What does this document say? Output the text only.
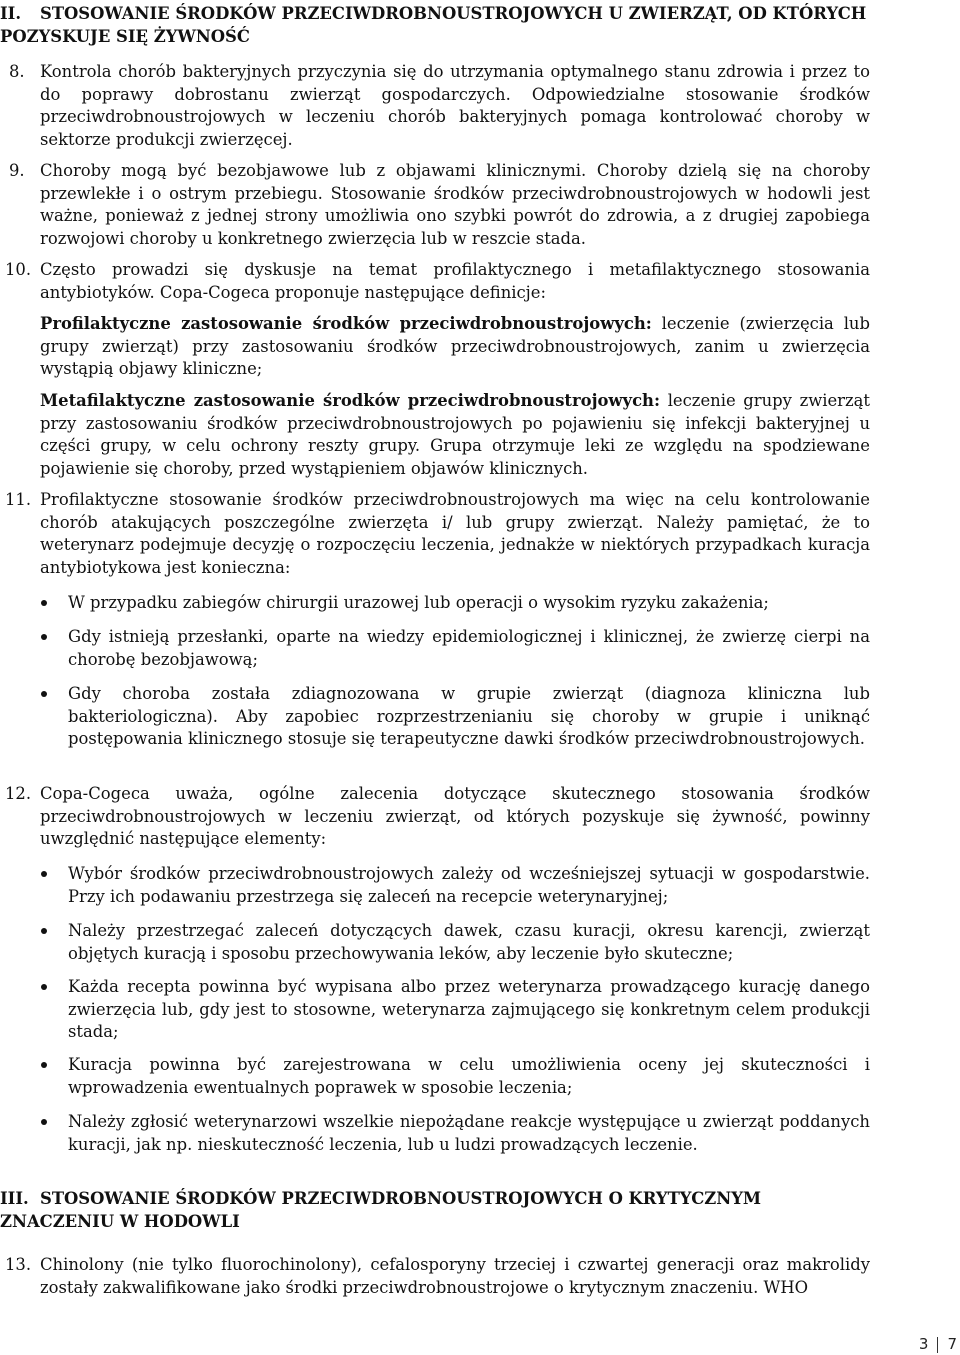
II. STOSOWANIE ŚRODKÓW PRZECIWDROBNOUSTROJOWYCH U ZWIERZĄT, OD KTÓRYCH POZYSKUJE SIĘ ŻYWNOŚĆ
8. Kontrola chorób bakteryjnych przyczynia się do utrzymania optymalnego stanu zdrowia i przez to do poprawy dobrostanu zwierząt gospodarczych. Odpowiedzialne stosowanie środków przeciwdrobnoustrojowych w leczeniu chorób bakteryjnych pomaga kontrolować choroby w sektorze produkcji zwierzęcej.

9. Choroby mogą być bezobjawowe lub z objawami klinicznymi. Choroby dzielą się na choroby przewlekłe i o ostrym przebiegu. Stosowanie środków przeciwdrobnoustrojowych w hodowli jest ważne, ponieważ z jednej strony umożliwia ono szybki powrót do zdrowia, a z drugiej zapobiega rozwojowi choroby u konkretnego zwierzęcia lub w reszcie stada.

10. Często prowadzi się dyskusje na temat profilaktycznego i metafilaktycznego stosowania antybiotyków. Copa-Cogeca proponuje następujące definicje:

Profilaktyczne zastosowanie środków przeciwdrobnoustrojowych: leczenie (zwierzęcia lub grupy zwierząt) przy zastosowaniu środków przeciwdrobnoustrojowych, zanim u zwierzęcia wystąpią objawy kliniczne;

Metafilaktyczne zastosowanie środków przeciwdrobnoustrojowych: leczenie grupy zwierząt przy zastosowaniu środków przeciwdrobnoustrojowych po pojawieniu się infekcji bakteryjnej u części grupy, w celu ochrony reszty grupy. Grupa otrzymuje leki ze względu na spodziewane pojawienie się choroby, przed wystąpieniem objawów klinicznych.

11. Profilaktyczne stosowanie środków przeciwdrobnoustrojowych ma więc na celu kontrolowanie chorób atakujących poszczególne zwierzęta i/ lub grupy zwierząt. Należy pamiętać, że to weterynarz podejmuje decyzję o rozpoczęciu leczenia, jednakże w niektórych przypadkach kuracja antybiotykowa jest konieczna:

W przypadku zabiegów chirurgii urazowej lub operacji o wysokim ryzyku zakażenia;
Gdy istnieją przesłanki, oparte na wiedzy epidemiologicznej i klinicznej, że zwierzę cierpi na chorobę bezobjawową;
Gdy choroba została zdiagnozowana w grupie zwierząt (diagnoza kliniczna lub bakteriologiczna). Aby zapobiec rozprzestrzenianiu się choroby w grupie i uniknąć postępowania klinicznego stosuje się terapeutyczne dawki środków przeciwdrobnoustrojowych.
12. Copa-Cogeca uważa, ogólne zalecenia dotyczące skutecznego stosowania środków przeciwdrobnoustrojowych w leczeniu zwierząt, od których pozyskuje się żywność, powinny uwzględnić następujące elementy:

Wybór środków przeciwdrobnoustrojowych zależy od wcześniejszej sytuacji w gospodarstwie. Przy ich podawaniu przestrzega się zaleceń na recepcie weterynaryjnej;
Należy przestrzegać zaleceń dotyczących dawek, czasu kuracji, okresu karencji, zwierząt objętych kuracją i sposobu przechowywania leków, aby leczenie było skuteczne;
Każda recepta powinna być wypisana albo przez weterynarza prowadzącego kurację danego zwierzęcia lub, gdy jest to stosowne, weterynarza zajmującego się konkretnym celem produkcji stada;
Kuracja powinna być zarejestrowana w celu umożliwienia oceny jej skuteczności i wprowadzenia ewentualnych poprawek w sposobie leczenia;
Należy zgłosić weterynarzowi wszelkie niepożądane reakcje występujące u zwierząt poddanych kuracji, jak np. nieskuteczność leczenia, lub u ludzi prowadzących leczenie.
III. STOSOWANIE ŚRODKÓW PRZECIWDROBNOUSTROJOWYCH O KRYTYCZNYM ZNACZENIU W HODOWLI
13. Chinolony (nie tylko fluorochinolony), cefalosporyny trzeciej i czwartej generacji oraz makrolidy zostały zakwalifikowane jako środki przeciwdrobnoustrojowe o krytycznym znaczeniu. WHO

3 7
